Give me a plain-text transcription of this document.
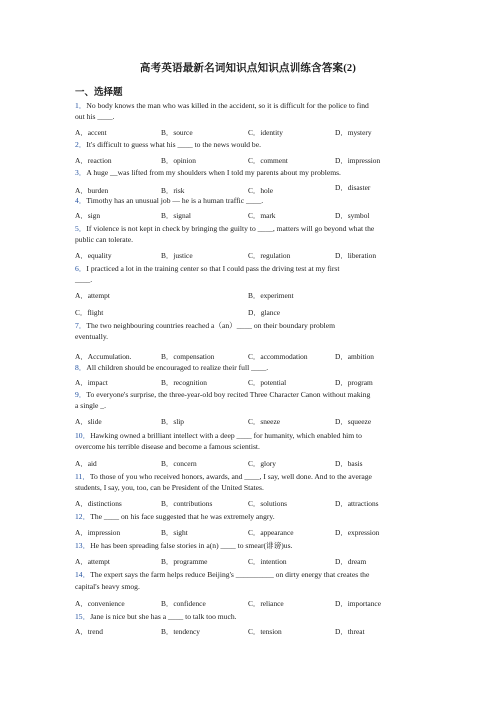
高考英语最新名词知识点知识点训练含答案(2)
一、选择题
1．No body knows the man who was killed in the accident, so it is difficult for the police to find
out his ____.
A．accent	B．source	C．identity	D．mystery
2．It's difficult to guess what his ____ to the news would be.
A．reaction	B．opinion	C．comment	D．impression
3．A huge __was lifted from my shoulders when I told my parents about my problems.
A．burden	B．risk	C．hole	D．disaster
4．Timothy has an unusual job — he is a human traffic ____.
A．sign	B．signal	C．mark	D．symbol
5．If violence is not kept in check by bringing the guilty to ____, matters will go beyond what the
public can tolerate.
A．equality	B．justice	C．regulation	D．liberation
6．I practiced a lot in the training center so that I could pass the driving test at my first
____.
A．attempt	B．experiment
C．flight	D．glance
7．The two neighbouring countries reached a（an）____ on their boundary problem
eventually.
A．Accumulation.	B．compensation	C．accommodation	D．ambition
8．All children should be encouraged to realize their full ____.
A．impact	B．recognition	C．potential	D．program
9．To everyone's surprise, the three-year-old boy recited Three Character Canon without making
a single _.
A．slide	B．slip	C．sneeze	D．squeeze
10．Hawking owned a brilliant intellect with a deep ____ for humanity, which enabled him to
overcome his terrible disease and become a famous scientist.
A．aid	B．concern	C．glory	D．basis
11．To those of you who received honors, awards, and ____, I say, well done. And to the average
students, I say, you, too, can be President of the United States.
A．distinctions	B．contributions	C．solutions	D．attractions
12．The ____ on his face suggested that he was extremely angry.
A．impression	B．sight	C．appearance	D．expression
13．He has been spreading false stories in a(n) ____ to smear(诽谤)us.
A．attempt	B．programme	C．intention	D．dream
14．The expert says the farm helps reduce Beijing's __________ on dirty energy that creates the
capital's heavy smog.
A．convenience	B．confidence	C．reliance	D．importance
15．Jane is nice but she has a ____ to talk too much.
A．trend	B．tendency	C．tension	D．threat
